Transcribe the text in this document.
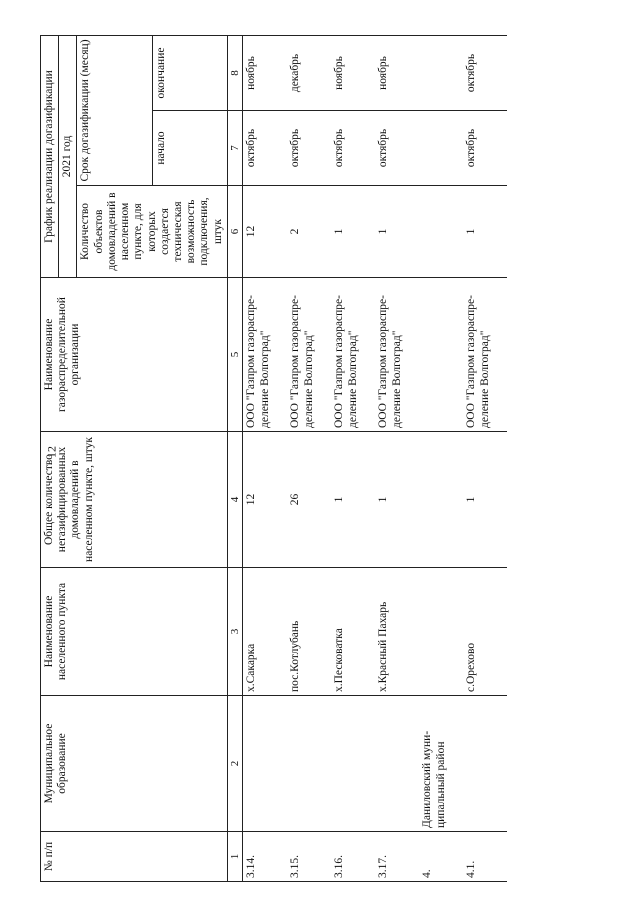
12
№ п/п	Муниципальное образование	Наименование населенного пункта	Общее количество негазифицированных домовладений в населенном пункте, штук	Наименование газораспределительной организации	График реализации догазификации		
					2021 год		
					Количество объектов домовладений в населенном пункте, для которых создается техническая возможность подключения, штук	Срок догазификации (месяц)	
						начало	окончание
1	2	3	4	5	6	7	8
3.14.		х.Сакарка	12	ООО "Газпром газораспре-деление Волгоград"	12	октябрь	ноябрь
3.15.		пос.Котлубань	26	ООО "Газпром газораспре-деление Волгоград"	2	октябрь	декабрь
3.16.		х.Песковатка	1	ООО "Газпром газораспре-деление Волгоград"	1	октябрь	ноябрь
3.17.		х.Красный Пахарь	1	ООО "Газпром газораспре-деление Волгоград"	1	октябрь	ноябрь
4.	Даниловский муни-ципальный район						
4.1.		с.Орехово	1	ООО "Газпром газораспре-деление Волгоград"	1	октябрь	октябрь
